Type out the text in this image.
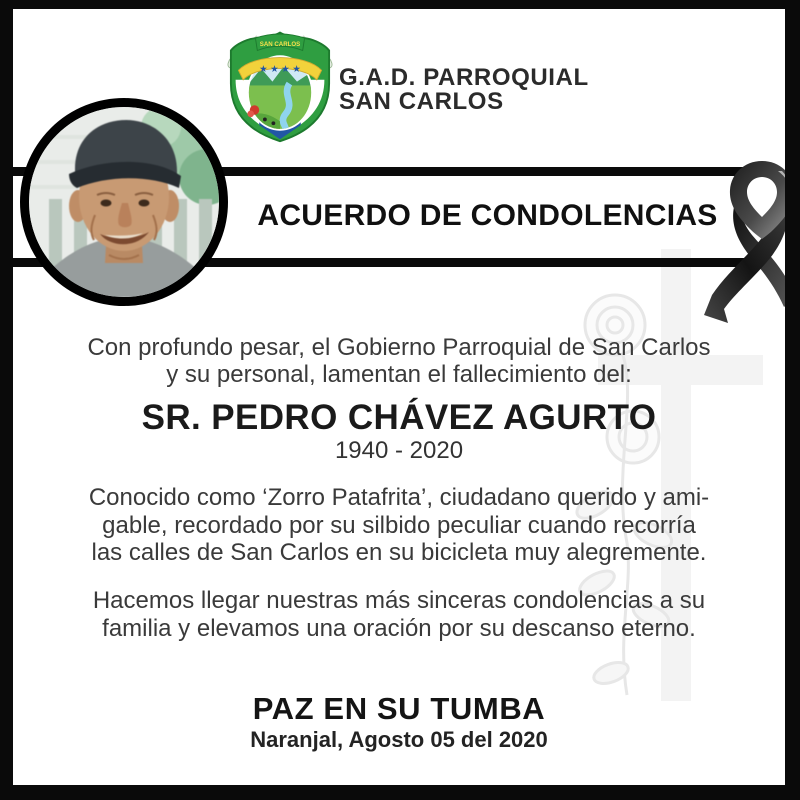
★ ★ ★ ★
SAN CARLOS
G.A.D. PARROQUIAL
SAN CARLOS
ACUERDO DE CONDOLENCIAS
Con profundo pesar, el Gobierno Parroquial de San Carlos
y su personal, lamentan el fallecimiento del:
SR. PEDRO CHÁVEZ AGURTO
1940 - 2020
Conocido como ‘Zorro Patafrita’, ciudadano querido y ami-
gable, recordado por su silbido peculiar cuando recorría
las calles de San Carlos en su bicicleta muy alegremente.
Hacemos llegar nuestras más sinceras condolencias a su
familia y elevamos una oración por su descanso eterno.
PAZ EN SU TUMBA
Naranjal, Agosto 05 del 2020
